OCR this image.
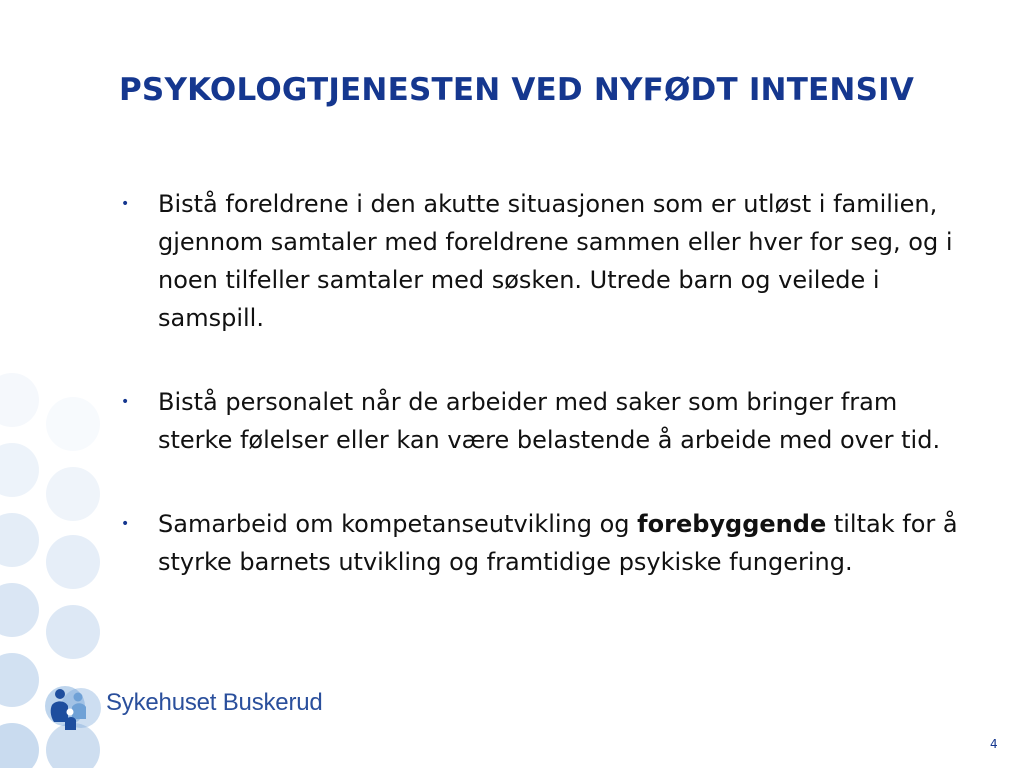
PSYKOLOGTJENESTEN VED NYFØDT INTENSIV
• Bistå foreldrene i den akutte situasjonen som er utløst i familien, gjennom samtaler med foreldrene sammen eller hver for seg, og i noen tilfeller samtaler med søsken. Utrede barn og veilede i samspill.
• Bistå personalet når de arbeider med saker som bringer fram sterke følelser eller kan være belastende å arbeide med over tid.
• Samarbeid om kompetanseutvikling og forebyggende tiltak for å styrke barnets utvikling og framtidige psykiske fungering.
Sykehuset Buskerud
4
